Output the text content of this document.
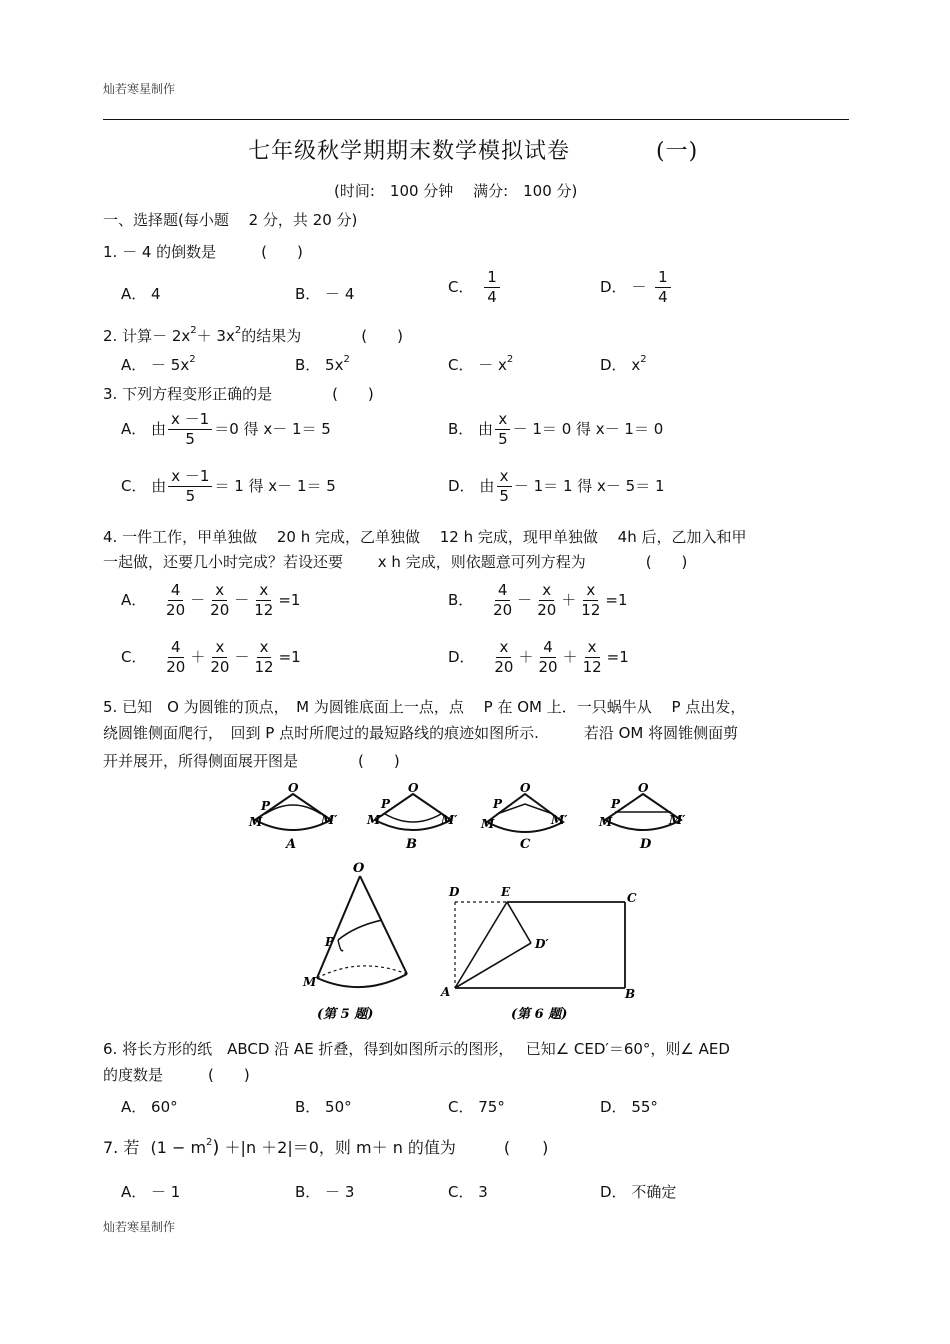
灿若寒星制作
七年级秋学期期末数学模拟试卷	(一)
(时间:　100 分钟　 满分:　100 分)
一、选择题(每小题　 2 分，共 20 分)
1. － 4 的倒数是　　　(　　)
A． 4	B． － 4	C． $\frac{1}{4}$	D． － $\frac{1}{4}$
2. 计算－ $2x^2+ 3x^2$的结果为　　　　(　　)
A． － $5x^2$	B． $5x^2$	C． － $x^2$	D． $x^2$
3. 下列方程变形正确的是　　　　(　　)
A． 由 $\frac{x -1}{5} =0$ 得 x－ 1＝ 5	B． 由 $\frac{x}{5} - 1= 0$ 得 x－ 1＝ 0
C． 由 $\frac{x -1}{5} = 1$ 得 x－ 1＝ 5	D． 由 $\frac{x}{5} - 1= 1$ 得 x－ 5＝ 1
4. 一件工作，甲单独做　 20 h 完成，乙单独做　 12 h 完成，现甲单独做　 4h 后，乙加入和甲
一起做，还要几小时完成？若设还要　　 x h 完成，则依题意可列方程为　　　　(　　)
A． $\frac{4}{20} - \frac{x}{20} - \frac{x}{12} =1$	B． $\frac{4}{20} - \frac{x}{20} + \frac{x}{12} =1$
C． $\frac{4}{20} + \frac{x}{20} - \frac{x}{12} =1$	D． $\frac{x}{20} + \frac{4}{20} + \frac{x}{12} =1$
5. 已知　O 为圆锥的顶点，　M 为圆锥底面上一点，点　 P 在 OM 上．一只蜗牛从　 P 点出发，
绕圆锥侧面爬行，　回到 P 点时所爬过的最短路线的痕迹如图所示.　　　若沿 OM 将圆锥侧面剪
开并展开，所得侧面展开图是　　　　(　　)
O
P
M	M′
A
O
P
M	M′
B
O
P
M	M′
C
O
P
M	M′
D
O
P
M
(第 5 题)
D	E	C
D′
A	B
(第 6 题)
6. 将长方形的纸　ABCD 沿 AE 折叠，得到如图所示的图形，　 已知∠ CED′＝60°，则∠ AED
的度数是　　　(　　)
A． 60°	B． 50°	C． 75°	D． 55°
7. 若 $(1 - m^2) +|n +2|=0$，则 m＋ n 的值为　　　(　　)
A． － 1	B． － 3	C． 3	D． 不确定
灿若寒星制作
